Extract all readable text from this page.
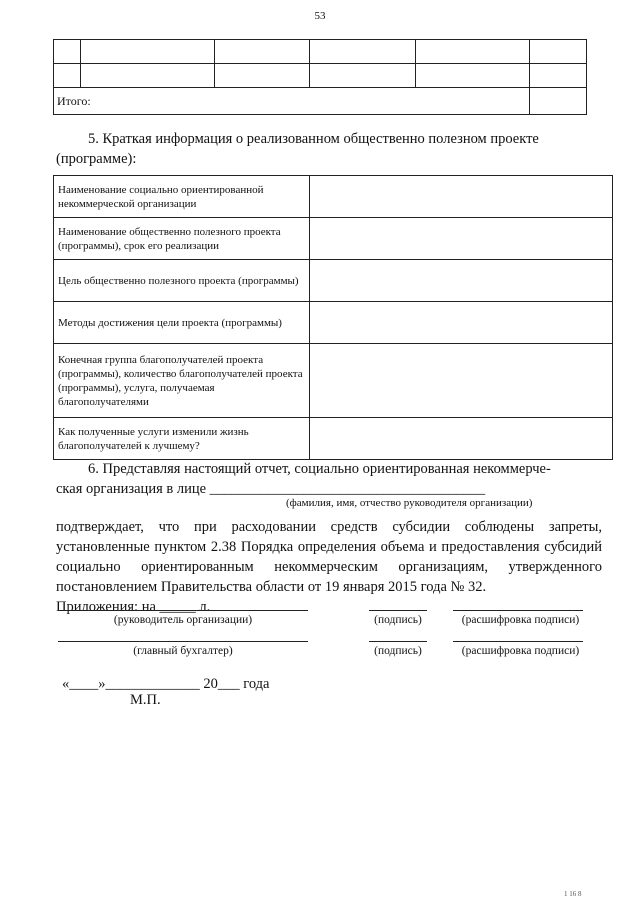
53

Итого:					
5. Краткая информация о реализованном общественно полезном проекте
(программе):
Наименование социально ориентированной некоммерческой организации	
Наименование общественно полезного проекта (программы), срок его реализации	
Цель общественно полезного проекта (программы)	
Методы достижения цели проекта (программы)	
Конечная группа благополучателей проекта (программы), количество благополучателей проекта (программы), услуга, получаемая благополучателями	
Как полученные услуги изменили жизнь благополучателей к лучшему?	

6. Представляя настоящий отчет, социально ориентированная некоммерче-

ская организация в лице ______________________________________

подтверждает, что при расходовании средств субсидии соблюдены запреты, установленные пунктом 2.38 Порядка определения объема и предоставления субсидий социально ориентированным некоммерческим организациям, утвержденного постановлением Правительства области от 19 января 2015 года № 32.

Приложения: на _____ л.

(фамилия, имя, отчество руководителя организации)
(руководитель организации)	(подпись)	(расшифровка подписи)
(главный бухгалтер)	(подпись)	(расшифровка подписи)
«____»_____________ 20___ года
М.П.
1 16 8
